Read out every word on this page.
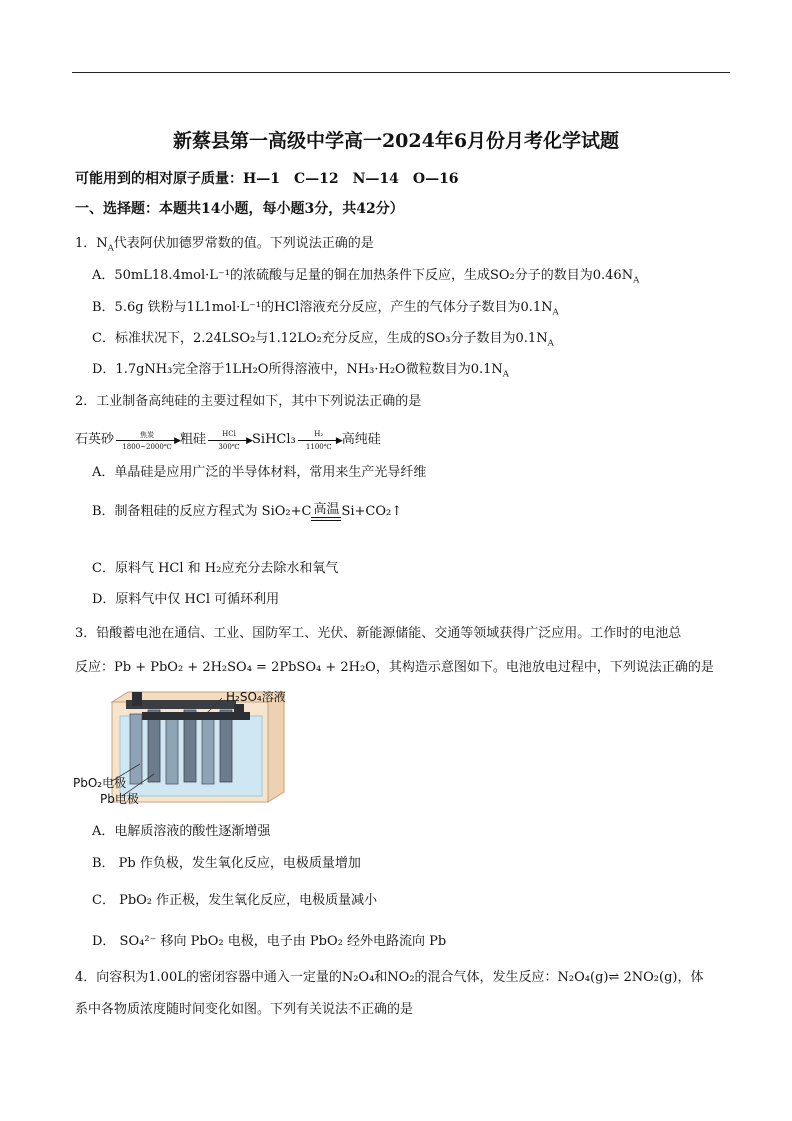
新蔡县第一高级中学高一2024年6月份月考化学试题
可能用到的相对原子质量：H—1　C—12　N—14　O—16
一、选择题：本题共14小题，每小题3分，共42分）
1．$N_A$代表阿伏加德罗常数的值。下列说法正确的是
A．50mL18.4mol·L⁻¹的浓硫酸与足量的铜在加热条件下反应，生成SO₂分子的数目为$0.46N_A$
B．5.6g 铁粉与1L1mol·L⁻¹的HCl溶液充分反应，产生的气体分子数目为$0.1N_A$
C．标准状况下，2.24LSO₂与1.12LO₂充分反应，生成的SO₃分子数目为$0.1N_A$
D．1.7gNH₃完全溶于1LH₂O所得溶液中，NH₃·H₂O微粒数目为$0.1N_A$
2．工业制备高纯硅的主要过程如下，其中下列说法正确的是
石英砂	焦炭
▶
1800~2000℃ 粗硅	HCl
▶
300℃ SiHCl₃	H₂
▶
1100℃ 高纯硅
A．单晶硅是应用广泛的半导体材料，常用来生产光导纤维
B．制备粗硅的反应方程式为 SiO₂+C 高温 Si+CO₂↑
C．原料气 HCl 和 H₂应充分去除水和氧气
D．原料气中仅 HCl 可循环利用
3．铅酸蓄电池在通信、工业、国防军工、光伏、新能源储能、交通等领域获得广泛应用。工作时的电池总
反应：Pb + PbO₂ + 2H₂SO₄ = 2PbSO₄ + 2H₂O，其构造示意图如下。电池放电过程中，下列说法正确的是
H₂SO₄溶液
PbO₂电极
Pb电极
A．电解质溶液的酸性逐渐增强
B． Pb 作负极，发生氧化反应，电极质量增加
C． PbO₂ 作正极，发生氧化反应，电极质量减小
D． SO₄²⁻ 移向 PbO₂ 电极，电子由 PbO₂ 经外电路流向 Pb
4．向容积为1.00L的密闭容器中通入一定量的N₂O₄和NO₂的混合气体，发生反应：N₂O₄(g)⇌ 2NO₂(g)，体
系中各物质浓度随时间变化如图。下列有关说法不正确的是
